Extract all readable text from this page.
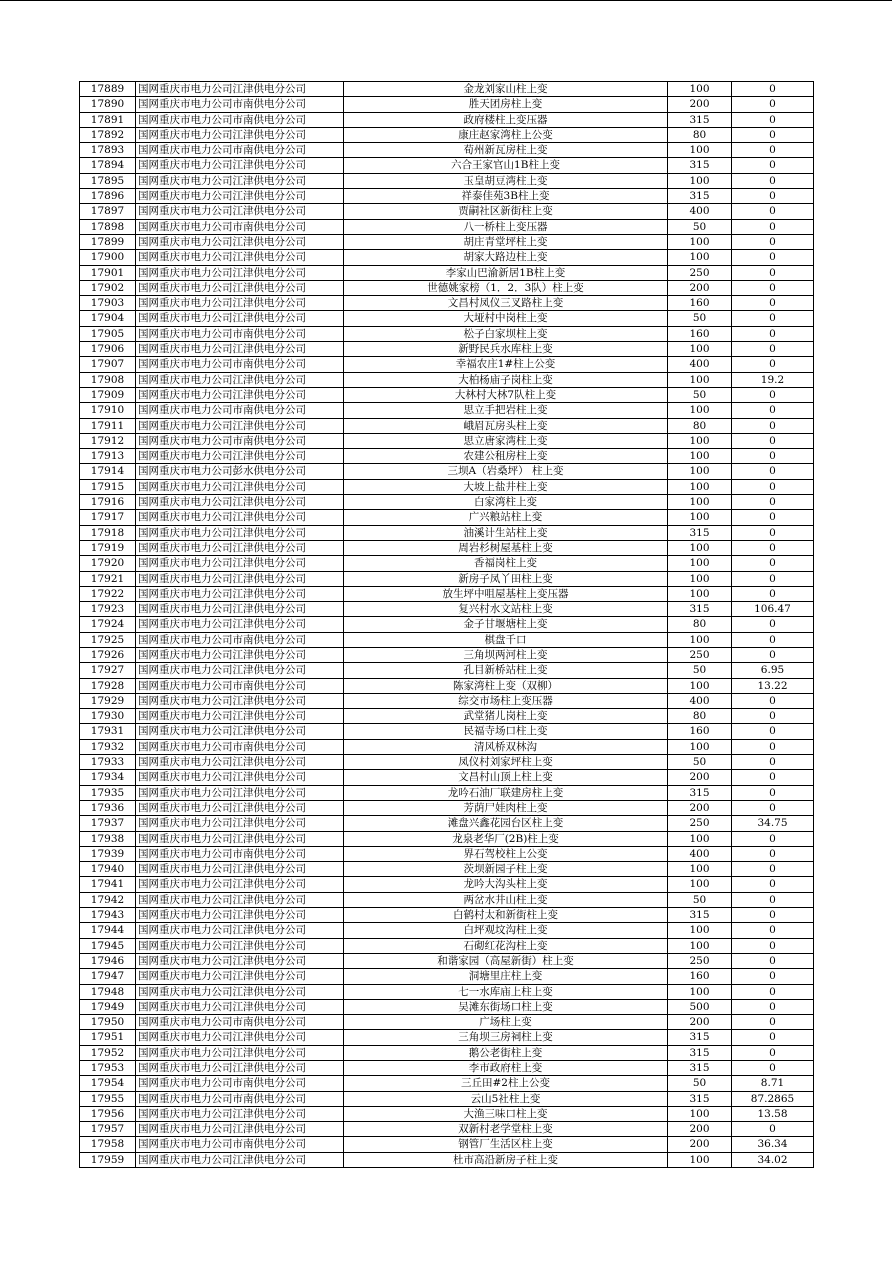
17889	国网重庆市电力公司江津供电分公司	金龙刘家山柱上变	100	0
17890	国网重庆市电力公司市南供电分公司	胜天团房柱上变	200	0
17891	国网重庆市电力公司市南供电分公司	政府楼柱上变压器	315	0
17892	国网重庆市电力公司江津供电分公司	康庄赵家湾柱上公变	80	0
17893	国网重庆市电力公司市南供电分公司	荀州新瓦房柱上变	100	0
17894	国网重庆市电力公司江津供电分公司	六合王家官山1B柱上变	315	0
17895	国网重庆市电力公司江津供电分公司	玉皇胡豆湾柱上变	100	0
17896	国网重庆市电力公司江津供电分公司	祥泰佳苑3B柱上变	315	0
17897	国网重庆市电力公司江津供电分公司	贾嗣社区新街柱上变	400	0
17898	国网重庆市电力公司市南供电分公司	八一桥柱上变压器	50	0
17899	国网重庆市电力公司江津供电分公司	胡庄青堂坪柱上变	100	0
17900	国网重庆市电力公司江津供电分公司	胡家大路边柱上变	100	0
17901	国网重庆市电力公司江津供电分公司	李家山巴渝新居1B柱上变	250	0
17902	国网重庆市电力公司江津供电分公司	世德姚家榜（1．2．3队）柱上变	200	0
17903	国网重庆市电力公司江津供电分公司	文昌村凤仪三叉路柱上变	160	0
17904	国网重庆市电力公司江津供电分公司	大垭村中岗柱上变	50	0
17905	国网重庆市电力公司市南供电分公司	松子白家坝柱上变	160	0
17906	国网重庆市电力公司江津供电分公司	新野民兵水库柱上变	100	0
17907	国网重庆市电力公司市南供电分公司	幸福农庄1#柱上公变	400	0
17908	国网重庆市电力公司江津供电分公司	大柏杨庙子岗柱上变	100	19.2
17909	国网重庆市电力公司江津供电分公司	大林村大林7队柱上变	50	0
17910	国网重庆市电力公司市南供电分公司	思立手把岩柱上变	100	0
17911	国网重庆市电力公司江津供电分公司	峨眉瓦房头柱上变	80	0
17912	国网重庆市电力公司市南供电分公司	思立唐家湾柱上变	100	0
17913	国网重庆市电力公司江津供电分公司	农建公租房柱上变	100	0
17914	国网重庆市电力公司彭水供电分公司	三坝A（岩桑坪） 柱上变	100	0
17915	国网重庆市电力公司江津供电分公司	大坡上盐井柱上变	100	0
17916	国网重庆市电力公司江津供电分公司	白家湾柱上变	100	0
17917	国网重庆市电力公司江津供电分公司	广兴粮站柱上变	100	0
17918	国网重庆市电力公司江津供电分公司	油溪计生站柱上变	315	0
17919	国网重庆市电力公司江津供电分公司	周岩杉树屋基柱上变	100	0
17920	国网重庆市电力公司江津供电分公司	香福岗柱上变	100	0
17921	国网重庆市电力公司江津供电分公司	新房子凤丫田柱上变	100	0
17922	国网重庆市电力公司江津供电分公司	放生坪中咀屋基柱上变压器	100	0
17923	国网重庆市电力公司江津供电分公司	复兴村水文站柱上变	315	106.47
17924	国网重庆市电力公司江津供电分公司	金子甘堰塘柱上变	80	0
17925	国网重庆市电力公司市南供电分公司	棋盘千口	100	0
17926	国网重庆市电力公司江津供电分公司	三角坝两河柱上变	250	0
17927	国网重庆市电力公司江津供电分公司	孔目新桥站柱上变	50	6.95
17928	国网重庆市电力公司市南供电分公司	陈家湾柱上变（双柳）	100	13.22
17929	国网重庆市电力公司江津供电分公司	综交市场柱上变压器	400	0
17930	国网重庆市电力公司江津供电分公司	武堂猪儿岗柱上变	80	0
17931	国网重庆市电力公司江津供电分公司	民福寺场口柱上变	160	0
17932	国网重庆市电力公司市南供电分公司	清风桥双林沟	100	0
17933	国网重庆市电力公司江津供电分公司	凤仪村刘家坪柱上变	50	0
17934	国网重庆市电力公司江津供电分公司	文昌村山顶上柱上变	200	0
17935	国网重庆市电力公司江津供电分公司	龙吟石油厂联建房柱上变	315	0
17936	国网重庆市电力公司江津供电分公司	芳荫尸娃肉柱上变	200	0
17937	国网重庆市电力公司江津供电分公司	滩盘兴鑫花园台区柱上变	250	34.75
17938	国网重庆市电力公司江津供电分公司	龙泉老华厂(2B)柱上变	100	0
17939	国网重庆市电力公司市南供电分公司	界石驾校柱上公变	400	0
17940	国网重庆市电力公司江津供电分公司	茨坝新园子柱上变	100	0
17941	国网重庆市电力公司江津供电分公司	龙吟大沟头柱上变	100	0
17942	国网重庆市电力公司江津供电分公司	两岔水井山柱上变	50	0
17943	国网重庆市电力公司江津供电分公司	白鹤村太和新街柱上变	315	0
17944	国网重庆市电力公司江津供电分公司	白坪观坟沟柱上变	100	0
17945	国网重庆市电力公司江津供电分公司	石砌红花沟柱上变	100	0
17946	国网重庆市电力公司江津供电分公司	和谐家园（高屋新街）柱上变	250	0
17947	国网重庆市电力公司江津供电分公司	洞塘里庄柱上变	160	0
17948	国网重庆市电力公司江津供电分公司	七一水库庙上柱上变	100	0
17949	国网重庆市电力公司江津供电分公司	吴滩东街场口柱上变	500	0
17950	国网重庆市电力公司市南供电分公司	广场柱上变	200	0
17951	国网重庆市电力公司江津供电分公司	三角坝三房祠柱上变	315	0
17952	国网重庆市电力公司江津供电分公司	鹅公老街柱上变	315	0
17953	国网重庆市电力公司江津供电分公司	李市政府柱上变	315	0
17954	国网重庆市电力公司市南供电分公司	三丘田#2柱上公变	50	8.71
17955	国网重庆市电力公司市南供电分公司	云山5社柱上变	315	87.2865
17956	国网重庆市电力公司江津供电分公司	大渔三味口柱上变	100	13.58
17957	国网重庆市电力公司江津供电分公司	双新村老学堂柱上变	200	0
17958	国网重庆市电力公司市南供电分公司	钢管厂生活区柱上变	200	36.34
17959	国网重庆市电力公司江津供电分公司	杜市高沿新房子柱上变	100	34.02
